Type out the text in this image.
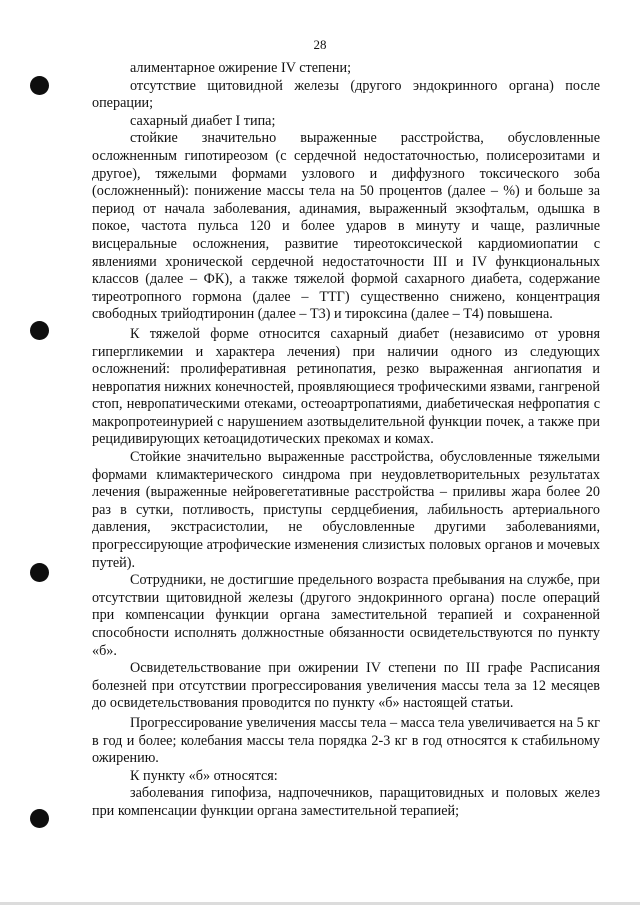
28

алиментарное ожирение IV степени;

отсутствие щитовидной железы (другого эндокринного органа) после операции;

сахарный диабет I типа;

стойкие значительно выраженные расстройства, обусловленные осложненным гипотиреозом (с сердечной недостаточностью, полисерозитами и другое), тяжелыми формами узлового и диффузного токсического зоба (осложненный): понижение массы тела на 50 процентов (далее – %) и больше за период от начала заболевания, адинамия, выраженный экзофтальм, одышка в покое, частота пульса 120 и более ударов в минуту и чаще, различные висцеральные осложнения, развитие тиреотоксической кардиомиопатии с явлениями хронической сердечной недостаточности III и IV функциональных классов (далее – ФК), а также тяжелой формой сахарного диабета, содержание тиреотропного гормона (далее – ТТГ) существенно снижено, концентрация свободных трийодтиронин (далее – Т3) и тироксина (далее – Т4) повышена.

К тяжелой форме относится сахарный диабет (независимо от уровня гипергликемии и характера лечения) при наличии одного из следующих осложнений: пролиферативная ретинопатия, резко выраженная ангиопатия и невропатия нижних конечностей, проявляющиеся трофическими язвами, гангреной стоп, невропатическими отеками, остеоартропатиями, диабетическая нефропатия с макропротеинурией с нарушением азотвыделительной функции почек, а также при рецидивирующих кетоацидотических прекомах и комах.

Стойкие значительно выраженные расстройства, обусловленные тяжелыми формами климактерического синдрома при неудовлетворительных результатах лечения (выраженные нейровегетативные расстройства – приливы жара более 20 раз в сутки, потливость, приступы сердцебиения, лабильность артериального давления, экстрасистолии, не обусловленные другими заболеваниями, прогрессирующие атрофические изменения слизистых половых органов и мочевых путей).

Сотрудники, не достигшие предельного возраста пребывания на службе, при отсутствии щитовидной железы (другого эндокринного органа) после операций при компенсации функции органа заместительной терапией и сохраненной способности исполнять должностные обязанности освидетельствуются по пункту «б».

Освидетельствование при ожирении IV степени по III графе Расписания болезней при отсутствии прогрессирования увеличения массы тела за 12 месяцев до освидетельствования проводится по пункту «б» настоящей статьи.

Прогрессирование увеличения массы тела – масса тела увеличивается на 5 кг в год и более; колебания массы тела порядка 2-3 кг в год относятся к стабильному ожирению.

К пункту «б» относятся:

заболевания гипофиза, надпочечников, паращитовидных и половых желез при компенсации функции органа заместительной терапией;
